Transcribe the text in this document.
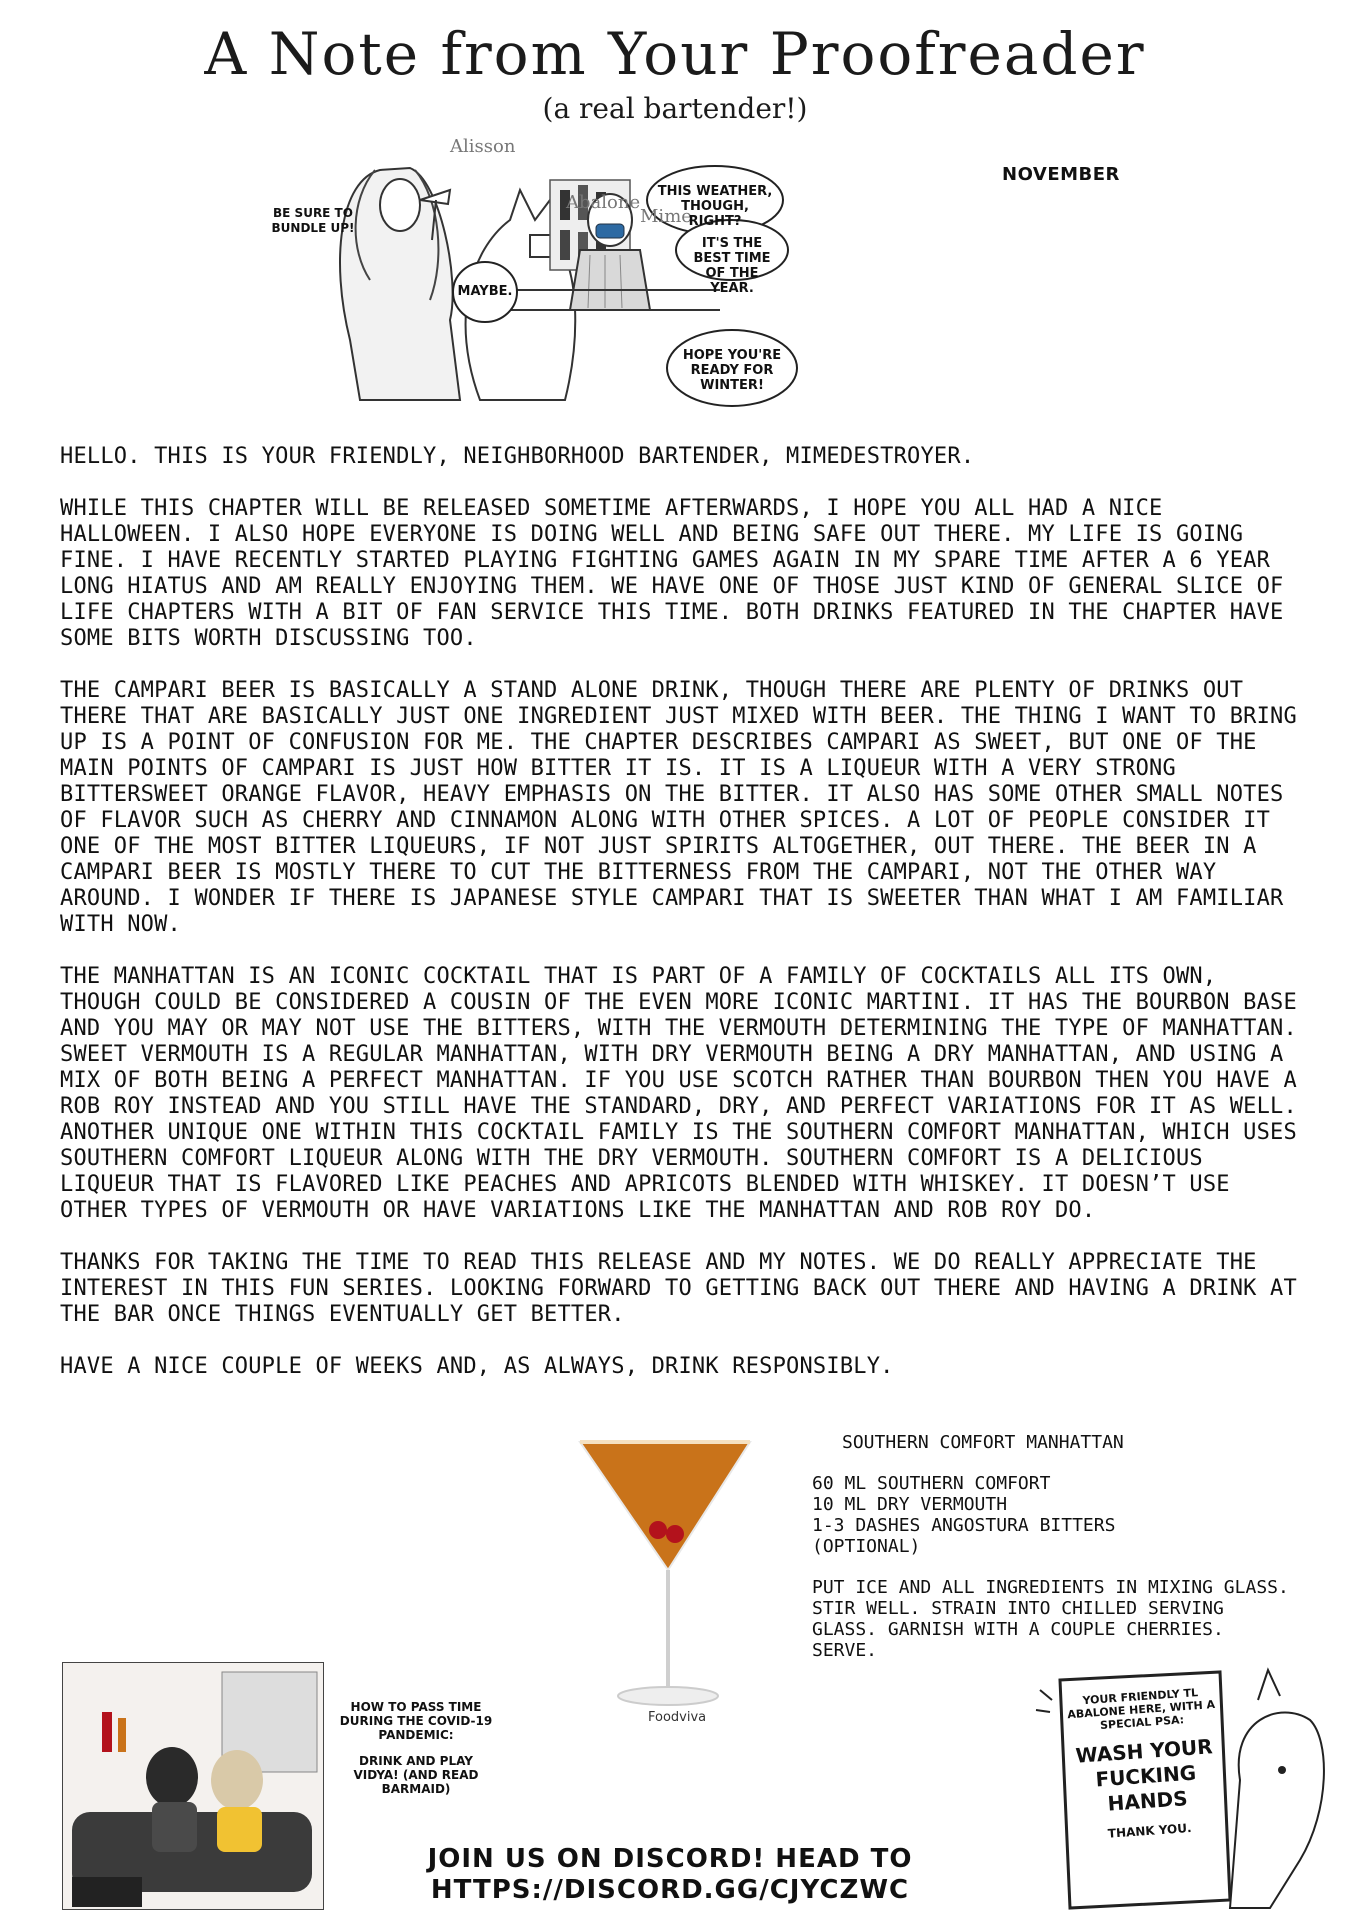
A Note from Your Proofreader
(a real bartender!)
Alisson
Abalone
Mime
BE SURE TO BUNDLE UP!
THIS WEATHER, THOUGH, RIGHT?
IT'S THE BEST TIME OF THE YEAR.
MAYBE.
HOPE YOU'RE READY FOR WINTER!
NOVEMBER

HELLO. THIS IS YOUR FRIENDLY, NEIGHBORHOOD BARTENDER, MIMEDESTROYER.

WHILE THIS CHAPTER WILL BE RELEASED SOMETIME AFTERWARDS, I HOPE YOU ALL HAD A NICE HALLOWEEN. I ALSO HOPE EVERYONE IS DOING WELL AND BEING SAFE OUT THERE. MY LIFE IS GOING FINE. I HAVE RECENTLY STARTED PLAYING FIGHTING GAMES AGAIN IN MY SPARE TIME AFTER A 6 YEAR LONG HIATUS AND AM REALLY ENJOYING THEM. WE HAVE ONE OF THOSE JUST KIND OF GENERAL SLICE OF LIFE CHAPTERS WITH A BIT OF FAN SERVICE THIS TIME. BOTH DRINKS FEATURED IN THE CHAPTER HAVE SOME BITS WORTH DISCUSSING TOO.

THE CAMPARI BEER IS BASICALLY A STAND ALONE DRINK, THOUGH THERE ARE PLENTY OF DRINKS OUT THERE THAT ARE BASICALLY JUST ONE INGREDIENT JUST MIXED WITH BEER. THE THING I WANT TO BRING UP IS A POINT OF CONFUSION FOR ME. THE CHAPTER DESCRIBES CAMPARI AS SWEET, BUT ONE OF THE MAIN POINTS OF CAMPARI IS JUST HOW BITTER IT IS. IT IS A LIQUEUR WITH A VERY STRONG BITTERSWEET ORANGE FLAVOR, HEAVY EMPHASIS ON THE BITTER. IT ALSO HAS SOME OTHER SMALL NOTES OF FLAVOR SUCH AS CHERRY AND CINNAMON ALONG WITH OTHER SPICES. A LOT OF PEOPLE CONSIDER IT ONE OF THE MOST BITTER LIQUEURS, IF NOT JUST SPIRITS ALTOGETHER, OUT THERE. THE BEER IN A CAMPARI BEER IS MOSTLY THERE TO CUT THE BITTERNESS FROM THE CAMPARI, NOT THE OTHER WAY AROUND. I WONDER IF THERE IS JAPANESE STYLE CAMPARI THAT IS SWEETER THAN WHAT I AM FAMILIAR WITH NOW.

THE MANHATTAN IS AN ICONIC COCKTAIL THAT IS PART OF A FAMILY OF COCKTAILS ALL ITS OWN, THOUGH COULD BE CONSIDERED A COUSIN OF THE EVEN MORE ICONIC MARTINI. IT HAS THE BOURBON BASE AND YOU MAY OR MAY NOT USE THE BITTERS, WITH THE VERMOUTH DETERMINING THE TYPE OF MANHATTAN. SWEET VERMOUTH IS A REGULAR MANHATTAN, WITH DRY VERMOUTH BEING A DRY MANHATTAN, AND USING A MIX OF BOTH BEING A PERFECT MANHATTAN. IF YOU USE SCOTCH RATHER THAN BOURBON THEN YOU HAVE A ROB ROY INSTEAD AND YOU STILL HAVE THE STANDARD, DRY, AND PERFECT VARIATIONS FOR IT AS WELL. ANOTHER UNIQUE ONE WITHIN THIS COCKTAIL FAMILY IS THE SOUTHERN COMFORT MANHATTAN, WHICH USES SOUTHERN COMFORT LIQUEUR ALONG WITH THE DRY VERMOUTH. SOUTHERN COMFORT IS A DELICIOUS LIQUEUR THAT IS FLAVORED LIKE PEACHES AND APRICOTS BLENDED WITH WHISKEY. IT DOESN’T USE OTHER TYPES OF VERMOUTH OR HAVE VARIATIONS LIKE THE MANHATTAN AND ROB ROY DO.

THANKS FOR TAKING THE TIME TO READ THIS RELEASE AND MY NOTES. WE DO REALLY APPRECIATE THE INTEREST IN THIS FUN SERIES. LOOKING FORWARD TO GETTING BACK OUT THERE AND HAVING A DRINK AT THE BAR ONCE THINGS EVENTUALLY GET BETTER.

HAVE A NICE COUPLE OF WEEKS AND, AS ALWAYS, DRINK RESPONSIBLY.

Foodviva
SOUTHERN COMFORT MANHATTAN
60 ML SOUTHERN COMFORT
10 ML DRY VERMOUTH
1-3 DASHES ANGOSTURA BITTERS
(OPTIONAL)
PUT ICE AND ALL INGREDIENTS IN MIXING GLASS. STIR WELL. STRAIN INTO CHILLED SERVING GLASS. GARNISH WITH A COUPLE CHERRIES. SERVE.
HOW TO PASS TIME DURING THE COVID-19 PANDEMIC:
DRINK AND PLAY VIDYA! (AND READ BARMAID)
JOIN US ON DISCORD! HEAD TO
HTTPS://DISCORD.GG/CJYCZWC
YOUR FRIENDLY TL ABALONE HERE, WITH A SPECIAL PSA:
WASH YOUR FUCKING HANDS
THANK YOU.
